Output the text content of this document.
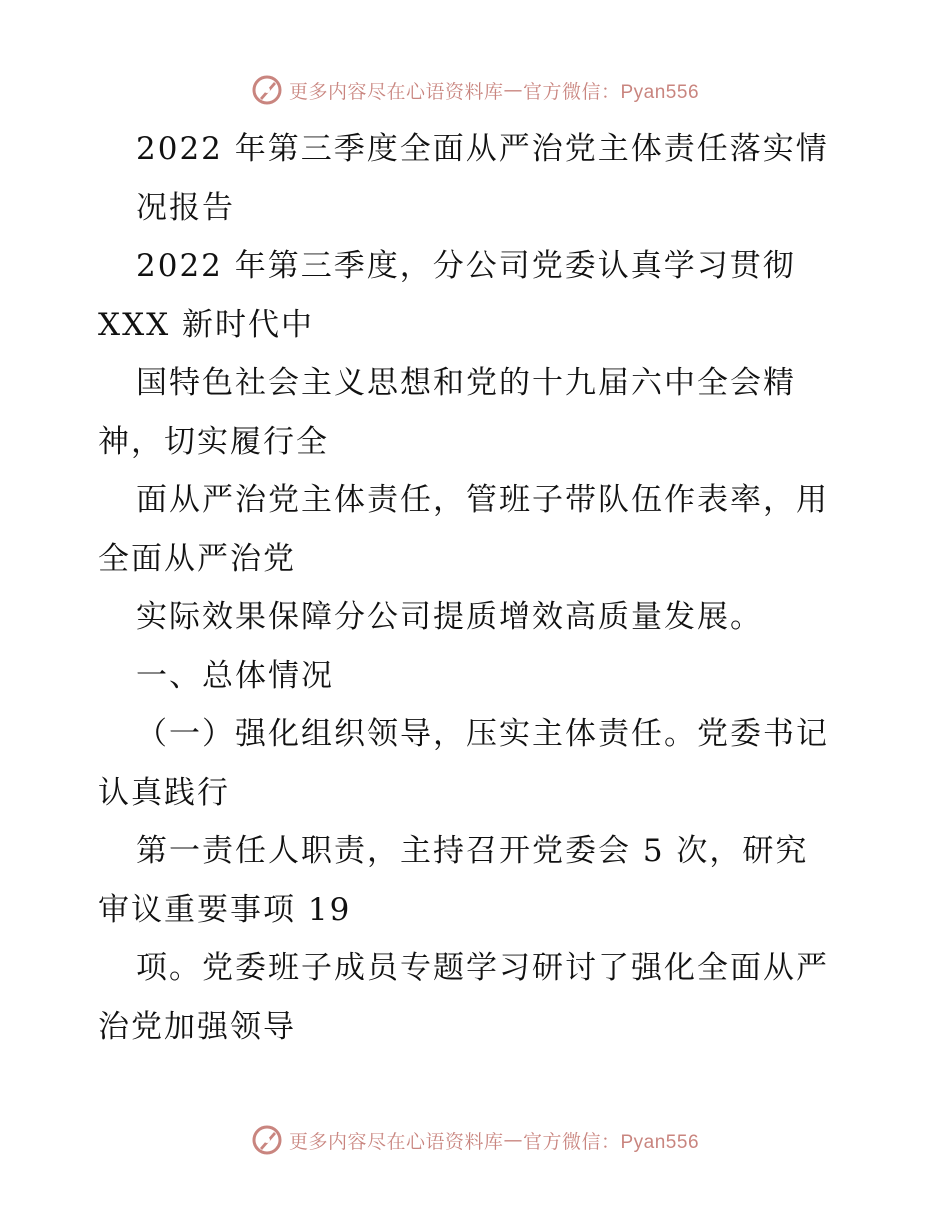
更多内容尽在心语资料库 — 官方微信：Pyan556
2022 年第三季度全面从严治党主体责任落实情
况报告
2022 年第三季度，分公司党委认真学习贯彻
XXX 新时代中
国特色社会主义思想和党的十九届六中全会精
神，切实履行全
面从严治党主体责任，管班子带队伍作表率，用
全面从严治党
实际效果保障分公司提质增效高质量发展。
一、总体情况
（一）强化组织领导，压实主体责任。党委书记
认真践行
第一责任人职责，主持召开党委会 5 次，研究
审议重要事项 19
项。党委班子成员专题学习研讨了强化全面从严
治党加强领导
更多内容尽在心语资料库 — 官方微信：Pyan556
